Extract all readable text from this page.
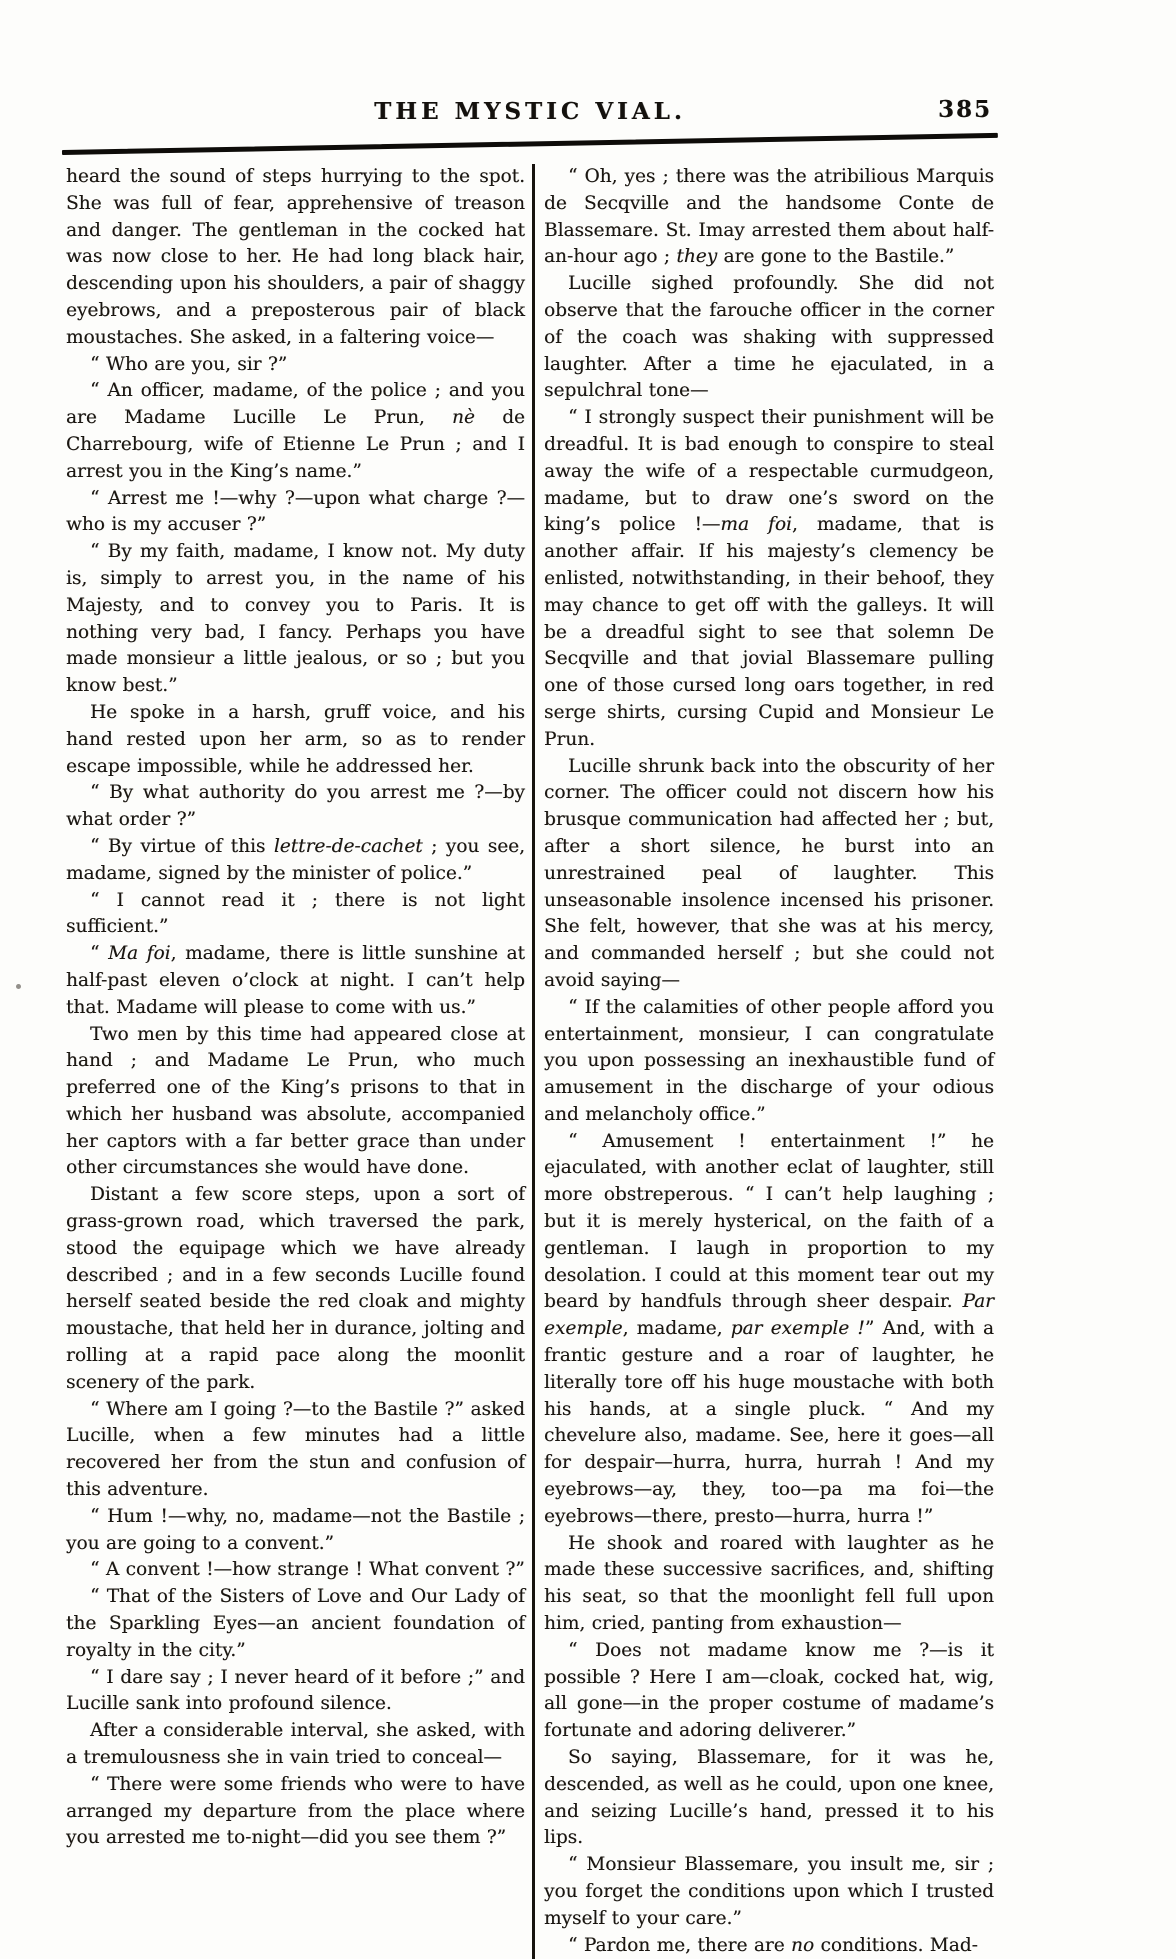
THE MYSTIC VIAL.	385

heard the sound of steps hurrying to the spot. She was full of fear, apprehensive of treason and danger. The gentleman in the cocked hat was now close to her. He had long black hair, descending upon his shoulders, a pair of shaggy eyebrows, and a preposterous pair of black moustaches. She asked, in a faltering voice—

“ Who are you, sir ?”

“ An officer, madame, of the police ; and you are Madame Lucille Le Prun, nè de Charrebourg, wife of Etienne Le Prun ; and I arrest you in the King’s name.”

“ Arrest me !—why ?—upon what charge ?—who is my accuser ?”

“ By my faith, madame, I know not. My duty is, simply to arrest you, in the name of his Majesty, and to convey you to Paris. It is nothing very bad, I fancy. Perhaps you have made monsieur a little jealous, or so ; but you know best.”

He spoke in a harsh, gruff voice, and his hand rested upon her arm, so as to render escape impossible, while he addressed her.

“ By what authority do you arrest me ?—by what order ?”

“ By virtue of this lettre-de-cachet ; you see, madame, signed by the minister of police.”

“ I cannot read it ; there is not light sufficient.”

“ Ma foi, madame, there is little sunshine at half-past eleven o’clock at night. I can’t help that. Madame will please to come with us.”

Two men by this time had appeared close at hand ; and Madame Le Prun, who much preferred one of the King’s prisons to that in which her husband was absolute, accompanied her captors with a far better grace than under other circumstances she would have done.

Distant a few score steps, upon a sort of grass-grown road, which traversed the park, stood the equipage which we have already described ; and in a few seconds Lucille found herself seated beside the red cloak and mighty moustache, that held her in durance, jolting and rolling at a rapid pace along the moonlit scenery of the park.

“ Where am I going ?—to the Bastile ?” asked Lucille, when a few minutes had a little recovered her from the stun and confusion of this adventure.

“ Hum !—why, no, madame—not the Bastile ; you are going to a convent.”

“ A convent !—how strange ! What convent ?”

“ That of the Sisters of Love and Our Lady of the Sparkling Eyes—an ancient foundation of royalty in the city.”

“ I dare say ; I never heard of it before ;” and Lucille sank into profound silence.

After a considerable interval, she asked, with a tremulousness she in vain tried to conceal—

“ There were some friends who were to have arranged my departure from the place where you arrested me to-night—did you see them ?”

“ Oh, yes ; there was the atribilious Marquis de Secqville and the handsome Conte de Blassemare. St. Imay arrested them about half-an-hour ago ; they are gone to the Bastile.”

Lucille sighed profoundly. She did not observe that the farouche officer in the corner of the coach was shaking with suppressed laughter. After a time he ejaculated, in a sepulchral tone—

“ I strongly suspect their punishment will be dreadful. It is bad enough to conspire to steal away the wife of a respectable curmudgeon, madame, but to draw one’s sword on the king’s police !—ma foi, madame, that is another affair. If his majesty’s clemency be enlisted, notwithstanding, in their behoof, they may chance to get off with the galleys. It will be a dreadful sight to see that solemn De Secqville and that jovial Blassemare pulling one of those cursed long oars together, in red serge shirts, cursing Cupid and Monsieur Le Prun.

Lucille shrunk back into the obscurity of her corner. The officer could not discern how his brusque communication had affected her ; but, after a short silence, he burst into an unrestrained peal of laughter. This unseasonable insolence incensed his prisoner. She felt, however, that she was at his mercy, and commanded herself ; but she could not avoid saying—

“ If the calamities of other people afford you entertainment, monsieur, I can congratulate you upon possessing an inexhaustible fund of amusement in the discharge of your odious and melancholy office.”

“ Amusement ! entertainment !” he ejaculated, with another eclat of laughter, still more obstreperous. “ I can’t help laughing ; but it is merely hysterical, on the faith of a gentleman. I laugh in proportion to my desolation. I could at this moment tear out my beard by handfuls through sheer despair. Par exemple, madame, par exemple !” And, with a frantic gesture and a roar of laughter, he literally tore off his huge moustache with both his hands, at a single pluck. “ And my chevelure also, madame. See, here it goes—all for despair—hurra, hurra, hurrah ! And my eyebrows—ay, they, too—pa ma foi—the eyebrows—there, presto—hurra, hurra !”

He shook and roared with laughter as he made these successive sacrifices, and, shifting his seat, so that the moonlight fell full upon him, cried, panting from exhaustion—

“ Does not madame know me ?—is it possible ? Here I am—cloak, cocked hat, wig, all gone—in the proper costume of madame’s fortunate and adoring deliverer.”

So saying, Blassemare, for it was he, descended, as well as he could, upon one knee, and seizing Lucille’s hand, pressed it to his lips.

“ Monsieur Blassemare, you insult me, sir ; you forget the conditions upon which I trusted myself to your care.”

“ Pardon me, there are no conditions. Mad-
